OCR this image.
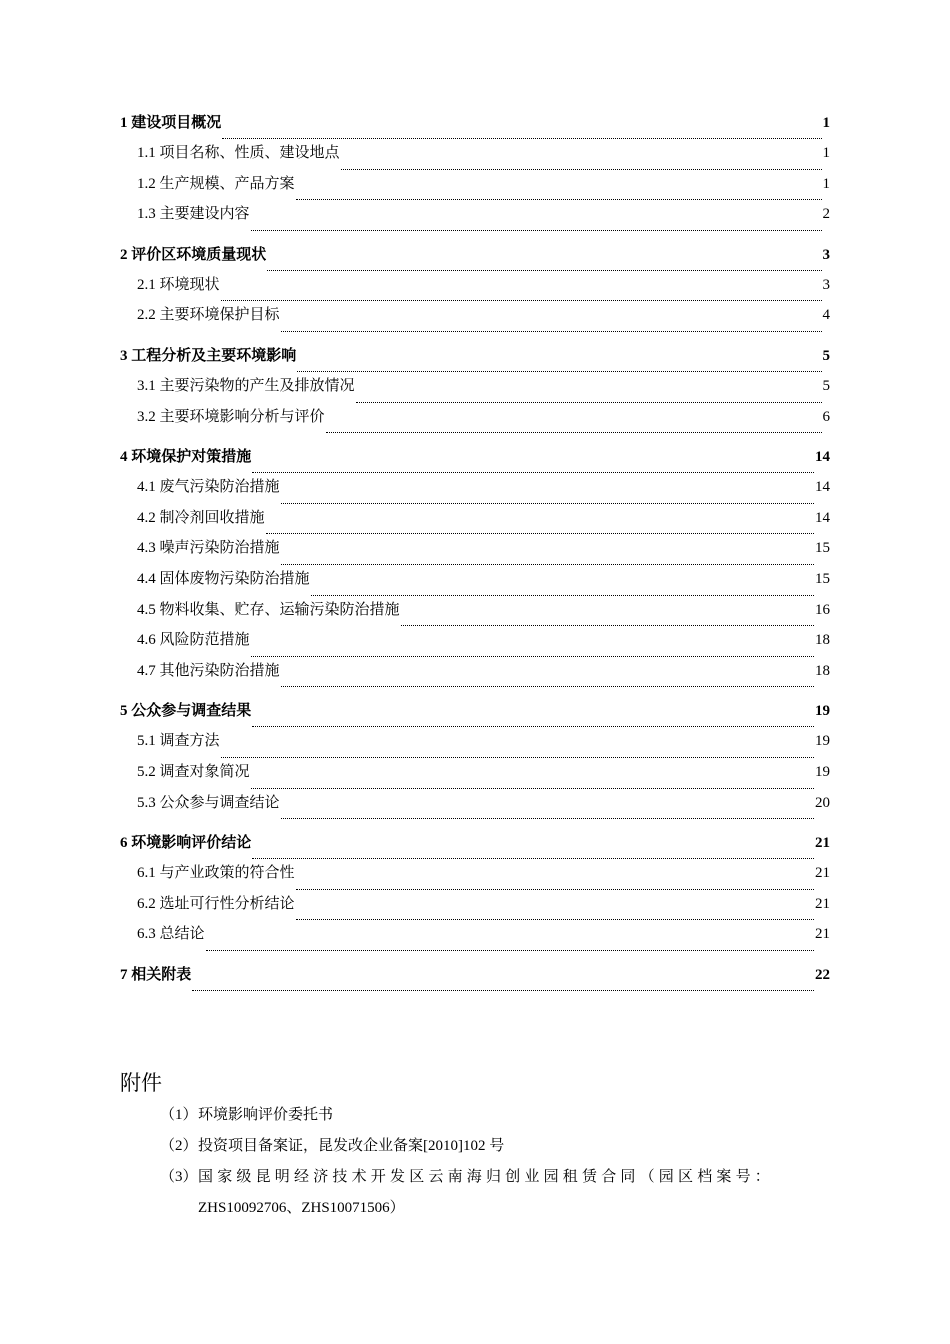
1 建设项目概况	1
1.1 项目名称、性质、建设地点	1
1.2 生产规模、产品方案	1
1.3 主要建设内容	2
2 评价区环境质量现状	3
2.1 环境现状	3
2.2 主要环境保护目标	4
3 工程分析及主要环境影响	5
3.1 主要污染物的产生及排放情况	5
3.2 主要环境影响分析与评价	6
4 环境保护对策措施	14
4.1 废气污染防治措施	14
4.2 制冷剂回收措施	14
4.3 噪声污染防治措施	15
4.4 固体废物污染防治措施	15
4.5 物料收集、贮存、运输污染防治措施	16
4.6 风险防范措施	18
4.7 其他污染防治措施	18
5 公众参与调查结果	19
5.1 调查方法	19
5.2 调查对象简况	19
5.3 公众参与调查结论	20
6 环境影响评价结论	21
6.1 与产业政策的符合性	21
6.2 选址可行性分析结论	21
6.3 总结论	21
7 相关附表	22
附件
（1）环境影响评价委托书
（2）投资项目备案证，昆发改企业备案[2010]102 号
（3）国家级昆明经济技术开发区云南海归创业园租赁合同（园区档案号：
ZHS10092706、ZHS10071506）
